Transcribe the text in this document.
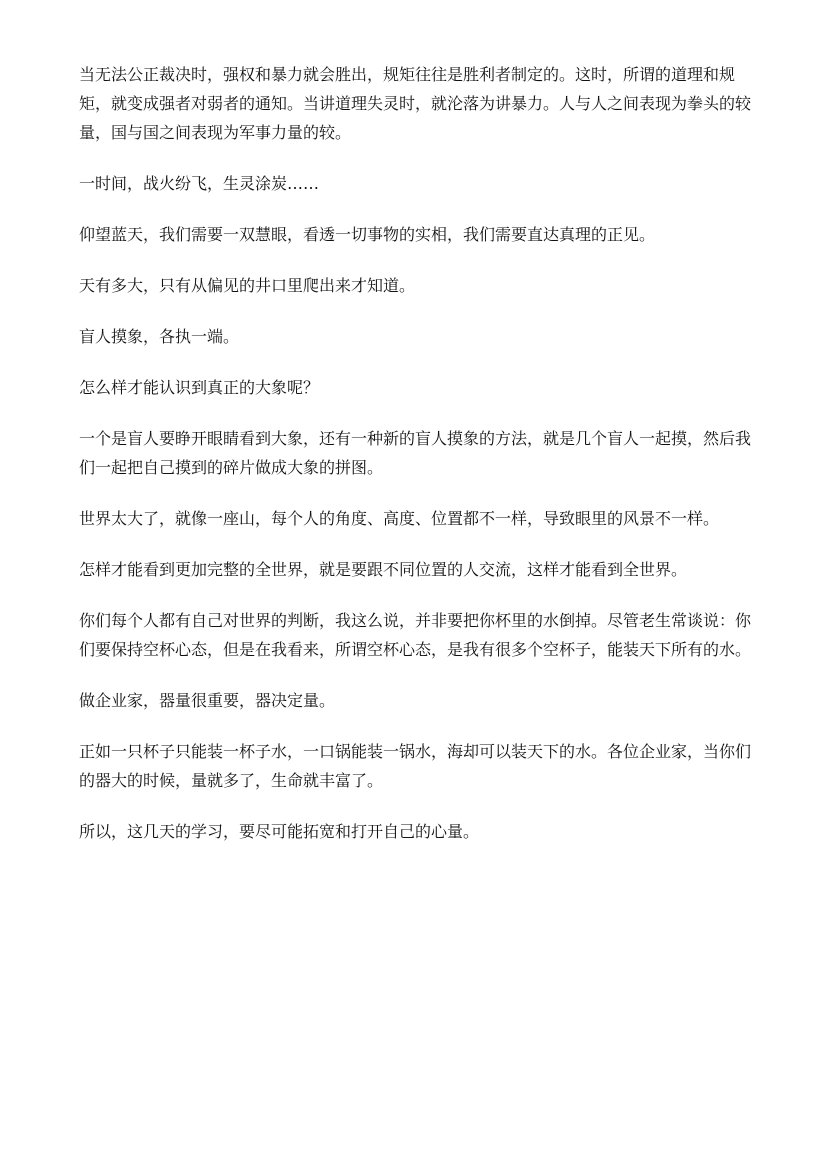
当无法公正裁决时，强权和暴力就会胜出，规矩往往是胜利者制定的。这时，所谓的道理和规矩，就变成强者对弱者的通知。当讲道理失灵时，就沦落为讲暴力。人与人之间表现为拳头的较量，国与国之间表现为军事力量的较。

一时间，战火纷飞，生灵涂炭……

仰望蓝天，我们需要一双慧眼，看透一切事物的实相，我们需要直达真理的正见。

天有多大，只有从偏见的井口里爬出来才知道。

盲人摸象，各执一端。

怎么样才能认识到真正的大象呢？

一个是盲人要睁开眼睛看到大象，还有一种新的盲人摸象的方法，就是几个盲人一起摸，然后我们一起把自己摸到的碎片做成大象的拼图。

世界太大了，就像一座山，每个人的角度、高度、位置都不一样，导致眼里的风景不一样。

怎样才能看到更加完整的全世界，就是要跟不同位置的人交流，这样才能看到全世界。

你们每个人都有自己对世界的判断，我这么说，并非要把你杯里的水倒掉。尽管老生常谈说：你们要保持空杯心态，但是在我看来，所谓空杯心态，是我有很多个空杯子，能装天下所有的水。

做企业家，器量很重要，器决定量。

正如一只杯子只能装一杯子水，一口锅能装一锅水，海却可以装天下的水。各位企业家，当你们的器大的时候，量就多了，生命就丰富了。

所以，这几天的学习，要尽可能拓宽和打开自己的心量。
